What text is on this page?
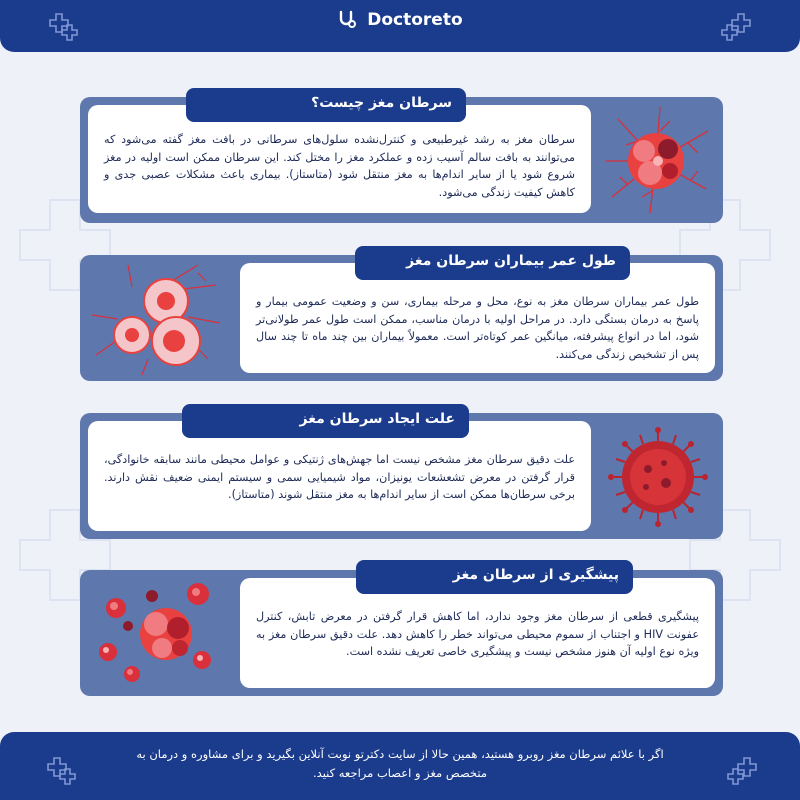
Doctoreto
سرطان مغز به رشد غیرطبیعی و کنترل‌نشده سلول‌های سرطانی در بافت مغز گفته می‌شود که می‌توانند به بافت سالم آسیب زده و عملکرد مغز را مختل کند. این سرطان ممکن است اولیه در مغز شروع شود یا از سایر اندام‌ها به مغز منتقل شود (متاستاز). بیماری باعث مشکلات عصبی جدی و کاهش کیفیت زندگی می‌شود.
سرطان مغز چیست؟
طول عمر بیماران سرطان مغز به نوع، محل و مرحله بیماری، سن و وضعیت عمومی بیمار و پاسخ به درمان بستگی دارد. در مراحل اولیه با درمان مناسب، ممکن است طول عمر طولانی‌تر شود، اما در انواع پیشرفته، میانگین عمر کوتاه‌تر است. معمولاً بیماران بین چند ماه تا چند سال پس از تشخیص زندگی می‌کنند.
طول عمر بیماران سرطان مغز
علت دقیق سرطان مغز مشخص نیست اما جهش‌های ژنتیکی و عوامل محیطی مانند سابقه خانوادگی، قرار گرفتن در معرض تشعشعات یونیزان، مواد شیمیایی سمی و سیستم ایمنی ضعیف نقش دارند. برخی سرطان‌ها ممکن است از سایر اندام‌ها به مغز منتقل شوند (متاستاز).
علت ایجاد سرطان مغز
پیشگیری قطعی از سرطان مغز وجود ندارد، اما کاهش قرار گرفتن در معرض تابش، کنترل عفونت HIV و اجتناب از سموم محیطی می‌تواند خطر را کاهش دهد. علت دقیق سرطان مغز به ویژه نوع اولیه آن هنوز مشخص نیست و پیشگیری خاصی تعریف نشده است.
پیشگیری از سرطان مغز
اگر با علائم سرطان مغز روبرو هستید، همین حالا از سایت دکترتو نوبت آنلاین بگیرید و برای مشاوره و درمان به متخصص مغز و اعصاب مراجعه کنید.
